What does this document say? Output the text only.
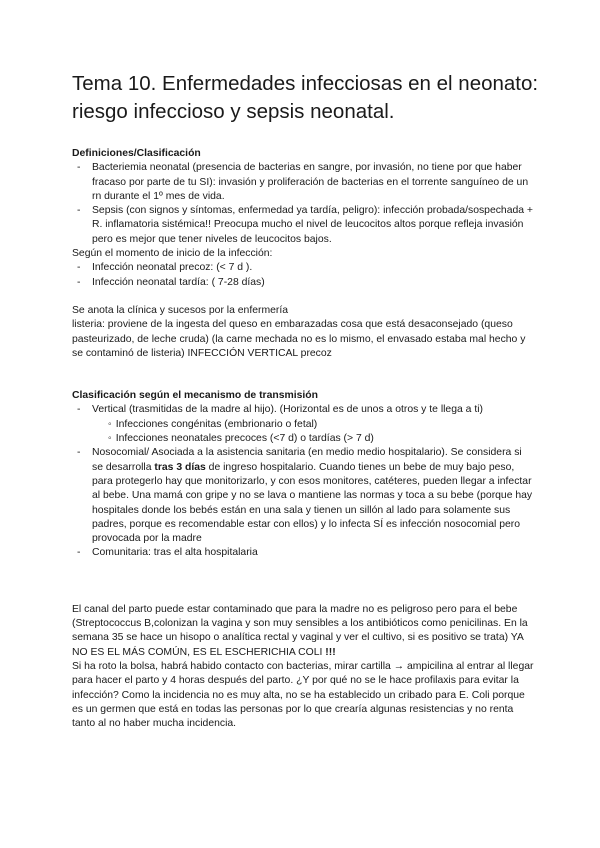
Tema 10. Enfermedades infecciosas en el neonato: riesgo infeccioso y sepsis neonatal.

Definiciones/Clasificación

- Bacteriemia neonatal (presencia de bacterias en sangre, por invasión, no tiene por que haber fracaso por parte de tu SI): invasión y proliferación de bacterias en el torrente sanguíneo de un rn durante el 1º mes de vida.
- Sepsis (con signos y síntomas, enfermedad ya tardía, peligro): infección probada/sospechada + R. inflamatoria sistémica!! Preocupa mucho el nivel de leucocitos altos porque refleja invasión pero es mejor que tener niveles de leucocitos bajos.

Según el momento de inicio de la infección:

- Infección neonatal precoz: (< 7 d ).
- Infección neonatal tardía: ( 7-28 días)

Se anota la clínica y sucesos por la enfermería

listeria: proviene de la ingesta del queso en embarazadas cosa que está desaconsejado (queso pasteurizado, de leche cruda) (la carne mechada no es lo mismo, el envasado estaba mal hecho y se contaminó de listeria) INFECCIÓN VERTICAL precoz

Clasificación según el mecanismo de transmisión

- Vertical (trasmitidas de la madre al hijo). (Horizontal es de unos a otros y te llega a ti)
◦ Infecciones congénitas (embrionario o fetal)
◦ Infecciones neonatales precoces (<7 d) o tardías (> 7 d)
- Nosocomial/ Asociada a la asistencia sanitaria (en medio medio hospitalario). Se considera si se desarrolla tras 3 días de ingreso hospitalario. Cuando tienes un bebe de muy bajo peso, para protegerlo hay que monitorizarlo, y con esos monitores, catéteres, pueden llegar a infectar al bebe. Una mamá con gripe y no se lava o mantiene las normas y toca a su bebe (porque hay hospitales donde los bebés están en una sala y tienen un sillón al lado para solamente sus padres, porque es recomendable estar con ellos) y lo infecta SÍ es infección nosocomial pero provocada por la madre
- Comunitaria: tras el alta hospitalaria

El canal del parto puede estar contaminado que para la madre no es peligroso pero para el bebe (Streptococcus B,colonizan la vagina y son muy sensibles a los antibióticos como penicilinas. En la semana 35 se hace un hisopo o analítica rectal y vaginal y ver el cultivo, si es positivo se trata) YA NO ES EL MÁS COMÚN, ES EL ESCHERICHIA COLI !!!

Si ha roto la bolsa, habrá habido contacto con bacterias, mirar cartilla → ampicilina al entrar al llegar para hacer el parto y 4 horas después del parto. ¿Y por qué no se le hace profilaxis para evitar la infección? Como la incidencia no es muy alta, no se ha establecido un cribado para E. Coli porque es un germen que está en todas las personas por lo que crearía algunas resistencias y no renta tanto al no haber mucha incidencia.
